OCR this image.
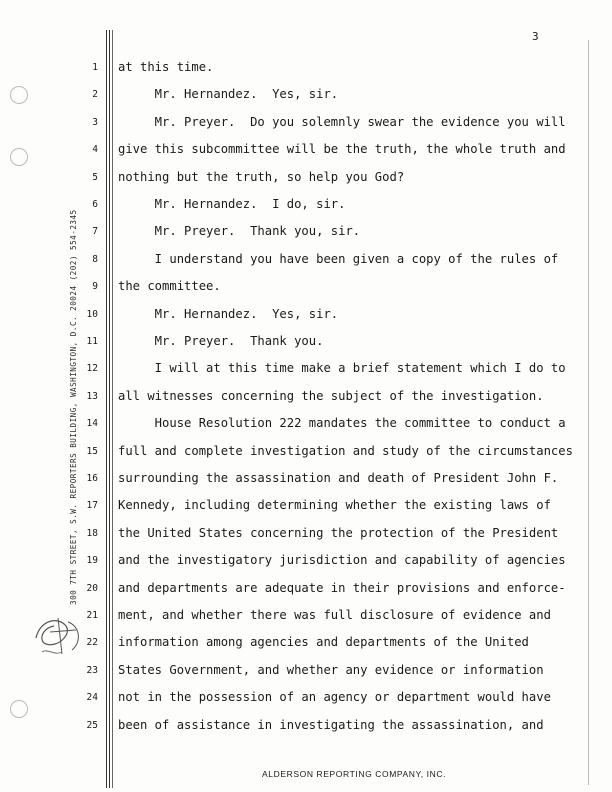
3
300 7TH STREET, S.W. REPORTERS BUILDING, WASHINGTON, D.C. 20024 (202) 554-2345
1 at this time.
2 Mr. Hernandez.  Yes, sir.
3 Mr. Preyer.  Do you solemnly swear the evidence you will
4 give this subcommittee will be the truth, the whole truth and
5 nothing but the truth, so help you God?
6 Mr. Hernandez.  I do, sir.
7 Mr. Preyer.  Thank you, sir.
8 I understand you have been given a copy of the rules of
9 the committee.
10 Mr. Hernandez.  Yes, sir.
11 Mr. Preyer.  Thank you.
12 I will at this time make a brief statement which I do to
13 all witnesses concerning the subject of the investigation.
14 House Resolution 222 mandates the committee to conduct a
15 full and complete investigation and study of the circumstances
16 surrounding the assassination and death of President John F.
17 Kennedy, including determining whether the existing laws of
18 the United States concerning the protection of the President
19 and the investigatory jurisdiction and capability of agencies
20 and departments are adequate in their provisions and enforce-
21 ment, and whether there was full disclosure of evidence and
22 information among agencies and departments of the United
23 States Government, and whether any evidence or information
24 not in the possession of an agency or department would have
25 been of assistance in investigating the assassination, and
ALDERSON REPORTING COMPANY, INC.
